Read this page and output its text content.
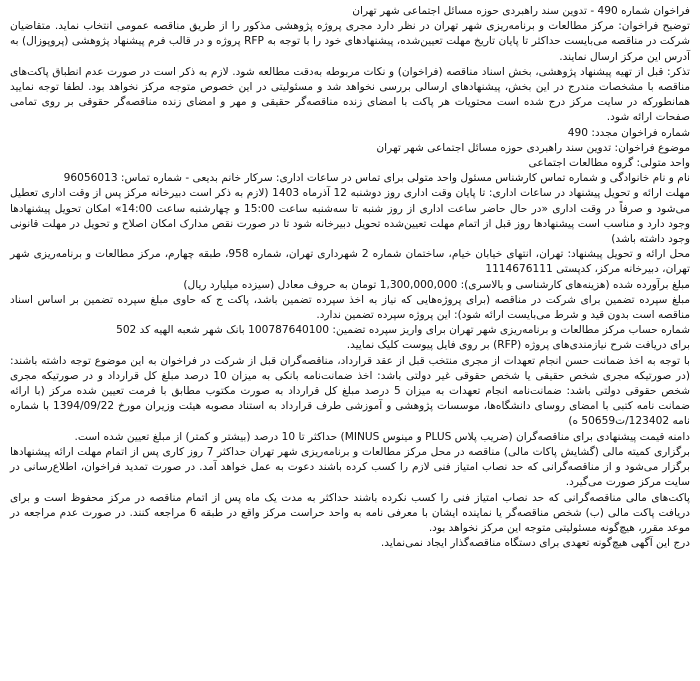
فراخوان شماره 490 - تدوین سند راهبردی حوزه مسائل اجتماعی شهر تهران

توضیح فراخوان: مرکز مطالعات و برنامه‌ریزی شهر تهران در نظر دارد مجری پروژه پژوهشی مذکور را از طریق مناقصه عمومی انتخاب نماید. متقاضیان شرکت در مناقصه می‌بایست حداکثر تا پایان تاریخ مهلت تعیین‌شده، پیشنهادهای خود را با توجه به RFP پروژه و در قالب فرم پیشنهاد پژوهشی (پروپوزال) به آدرس این مرکز ارسال نمایند.

تذکر: قبل از تهیه پیشنهاد پژوهشی، بخش اسناد مناقصه (فراخوان) و نکات مربوطه به‌دقت مطالعه شود. لازم به ذکر است در صورت عدم انطباق پاکت‌های مناقصه با مشخصات مندرج در این بخش، پیشنهادهای ارسالی بررسی نخواهد شد و مسئولیتی در این خصوص متوجه مرکز نخواهد بود. لطفا توجه نمایید همانطورکه در سایت مرکز درج شده است محتویات هر پاکت با امضای زنده مناقصه‌گر حقیقی و مهر و امضای زنده مناقصه‌گر حقوقی بر روی تمامی صفحات ارائه شود.

شماره فراخوان مجدد: 490

موضوع فراخوان: تدوین سند راهبردی حوزه مسائل اجتماعی شهر تهران

واحد متولی: گروه مطالعات اجتماعی

نام و نام خانوادگی و شماره تماس کارشناس مسئول واحد متولی برای تماس در ساعات اداری: سرکار خانم بدیعی - شماره تماس: 96056013

مهلت ارائه و تحویل پیشنهاد در ساعات اداری: تا پایان وقت اداری روز دوشنبه 12 آذرماه 1403 (لازم به ذکر است دبیرخانه مرکز پس از وقت اداری تعطیل می‌شود و صرفاً در وقت اداری «در حال حاضر ساعت اداری از روز شنبه تا سه‌شنبه ساعت 15:00 و چهارشنبه ساعت 14:00» امکان تحویل پیشنهادها وجود دارد و مناسب است پیشنهادها روز قبل از اتمام مهلت تعیین‌شده تحویل دبیرخانه شود تا در صورت نقص مدارک امکان اصلاح و تحویل در مهلت قانونی وجود داشته باشد)

محل ارائه و تحویل پیشنهاد: تهران، انتهای خیابان خیام، ساختمان شماره 2 شهرداری تهران، شماره 958، طبقه چهارم، مرکز مطالعات و برنامه‌ریزی شهر تهران، دبیرخانه مرکز، کدپستی 1114676111

مبلغ برآورده شده (هزینه‌های کارشناسی و بالاسری): 1,300,000,000 تومان به حروف معادل (سیزده میلیارد ریال)

مبلغ سپرده تضمین برای شرکت در مناقصه (برای پروژه‌هایی که نیاز به اخذ سپرده تضمین باشد، پاکت ج که حاوی مبلغ سپرده تضمین بر اساس اسناد مناقصه است بدون قید و شرط می‌بایست ارائه شود): این پروژه سپرده تضمین ندارد.

شماره حساب مرکز مطالعات و برنامه‌ریزی شهر تهران برای واریز سپرده تضمین: 100787640100 بانک شهر شعبه الهیه کد 502

برای دریافت شرح نیازمندی‌های پروژه (RFP) بر روی فایل پیوست کلیک نمایید.

با توجه به اخذ ضمانت حسن انجام تعهدات از مجری منتخب قبل از عقد قرارداد، مناقصه‌گران قبل از شرکت در فراخوان به این موضوع توجه داشته باشند: (در صورتیکه مجری شخص حقیقی یا شخص حقوقی غیر دولتی باشد: اخذ ضمانت‌نامه بانکی به میزان 10 درصد مبلغ کل قرارداد و در صورتیکه مجری شخص حقوقی دولتی باشد: ضمانت‌نامه انجام تعهدات به میزان 5 درصد مبلغ کل قرارداد به صورت مکتوب مطابق با فرمت تعیین شده مرکز (با ارائه ضمانت نامه کتبی با امضای روسای دانشگاه‌ها، موسسات پژوهشی و آموزشی طرف قرارداد به استناد مصوبه هیئت وزیران مورخ 1394/09/22 با شماره نامه 123402/ت50659 ه)

دامنه قیمت پیشنهادی برای مناقصه‌گران (ضریب پلاس PLUS و مینوس MINUS) حداکثر تا 10 درصد (بیشتر و کمتر) از مبلغ تعیین شده است.

برگزاری کمیته مالی (گشایش پاکات مالی) مناقصه در محل مرکز مطالعات و برنامه‌ریزی شهر تهران حداکثر 7 روز کاری پس از اتمام مهلت ارائه پیشنهادها برگزار می‌شود و از مناقصه‌گرانی که حد نصاب امتیاز فنی لازم را کسب کرده باشند دعوت به عمل خواهد آمد. در صورت تمدید فراخوان، اطلاع‌رسانی در سایت مرکز صورت می‌گیرد.

پاکت‌های مالی مناقصه‌گرانی که حد نصاب امتیاز فنی را کسب نکرده باشند حداکثر به مدت یک ماه پس از اتمام مناقصه در مرکز محفوظ است و برای دریافت پاکت مالی (ب) شخص مناقصه‌گر یا نماینده ایشان با معرفی نامه به واحد حراست مرکز واقع در طبقه 6 مراجعه کنند. در صورت عدم مراجعه در موعد مقرر، هیچ‌گونه مسئولیتی متوجه این مرکز نخواهد بود.

درج این آگهی هیچ‌گونه تعهدی برای دستگاه مناقصه‌گذار ایجاد نمی‌نماید.
